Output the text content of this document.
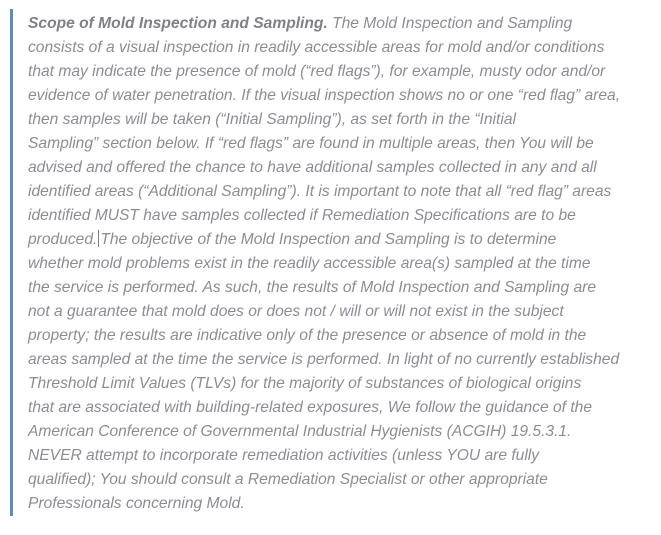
Scope of Mold Inspection and Sampling. The Mold Inspection and Sampling
consists of a visual inspection in readily accessible areas for mold and/or conditions
that may indicate the presence of mold (“red flags”), for example, musty odor and/or
evidence of water penetration. If the visual inspection shows no or one “red flag” area,
then samples will be taken (“Initial Sampling”), as set forth in the “Initial
Sampling” section below. If “red flags” are found in multiple areas, then You will be
advised and offered the chance to have additional samples collected in any and all
identified areas (“Additional Sampling”). It is important to note that all “red flag” areas
identified MUST have samples collected if Remediation Specifications are to be
produced. The objective of the Mold Inspection and Sampling is to determine
whether mold problems exist in the readily accessible area(s) sampled at the time
the service is performed. As such, the results of Mold Inspection and Sampling are
not a guarantee that mold does or does not / will or will not exist in the subject
property; the results are indicative only of the presence or absence of mold in the
areas sampled at the time the service is performed. In light of no currently established
Threshold Limit Values (TLVs) for the majority of substances of biological origins
that are associated with building-related exposures, We follow the guidance of the
American Conference of Governmental Industrial Hygienists (ACGIH) 19.5.3.1.
NEVER attempt to incorporate remediation activities (unless YOU are fully
qualified); You should consult a Remediation Specialist or other appropriate
Professionals concerning Mold.
